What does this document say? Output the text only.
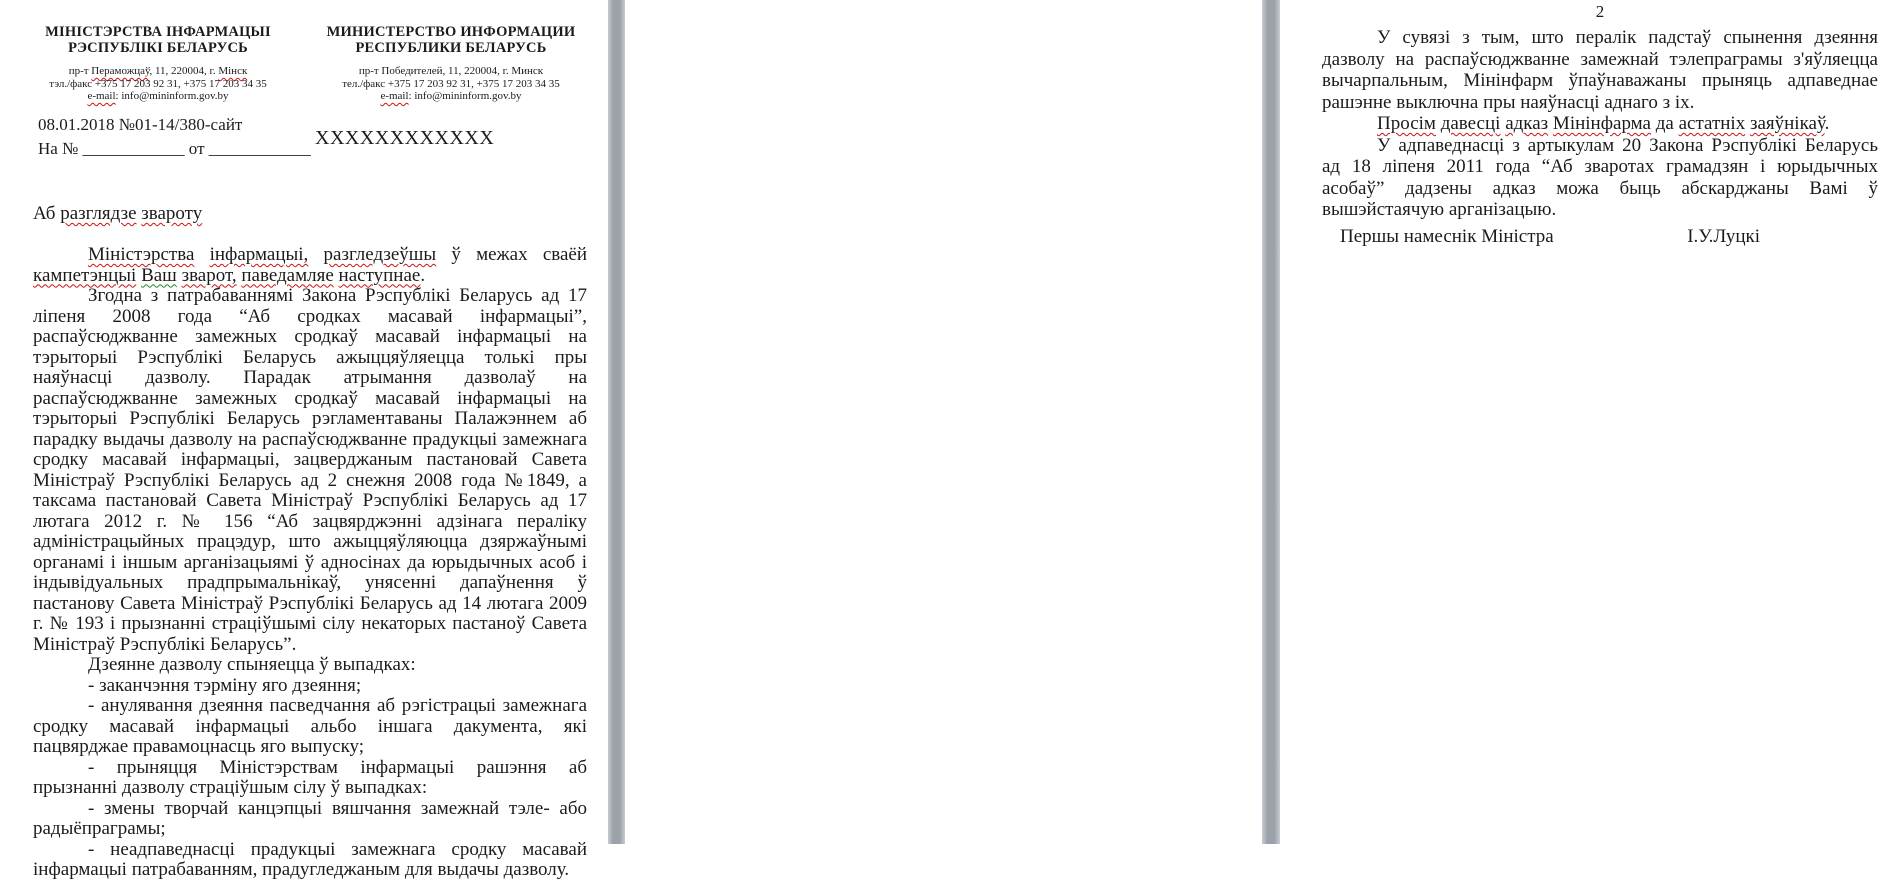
МІНІСТЭРСТВА ІНФАРМАЦЫІ
РЭСПУБЛІКІ БЕЛАРУСЬ
пр-т Пераможцаў, 11, 220004, г. Мінск
тэл./факс +375 17 203 92 31, +375 17 203 34 35
e-mail: info@mininform.gov.by
МИНИСТЕРСТВО ИНФОРМАЦИИ
РЕСПУБЛИКИ БЕЛАРУСЬ
пр-т Победителей, 11, 220004, г. Минск
тел./факс +375 17 203 92 31, +375 17 203 34 35
e-mail: info@mininform.gov.by
08.01.2018 №01-14/380-сайт
На № ____________ от ____________ ХХХХХХХХХХХХ
Аб разглядзе звароту

Міністэрства інфармацыі, разгледзеўшы ў межах сваёй кампетэнцыі Ваш зварот, паведамляе наступнае.

Згодна з патрабаваннямі Закона Рэспублікі Беларусь ад 17 ліпеня 2008 года “Аб сродках масавай інфармацыі”, распаўсюджванне замежных сродкаў масавай інфармацыі на тэрыторыі Рэспублікі Беларусь ажыццяўляецца толькі пры наяўнасці дазволу. Парадак атрымання дазволаў на распаўсюджванне замежных сродкаў масавай інфармацыі на тэрыторыі Рэспублікі Беларусь рэгламентаваны Палажэннем аб парадку выдачы дазволу на распаўсюджванне прадукцыі замежнага сродку масавай інфармацыі, зацверджаным пастановай Савета Міністраў Рэспублікі Беларусь ад 2 снежня 2008 года №1849, а таксама пастановай Савета Міністраў Рэспублікі Беларусь ад 17 лютага 2012 г. № 156 “Аб зацвярджэнні адзінага пераліку адміністрацыйных працэдур, што ажыццяўляюцца дзяржаўнымі органамі і іншым арганізацыямі ў адносінах да юрыдычных асоб і індывідуальных прадпрымальнікаў, унясенні дапаўнення ў пастанову Савета Міністраў Рэспублікі Беларусь ад 14 лютага 2009 г. № 193 і прызнанні страціўшымі сілу некаторых пастаноў Савета Міністраў Рэспублікі Беларусь”.

Дзеянне дазволу спыняецца ў выпадках:

- заканчэння тэрміну яго дзеяння;

- анулявання дзеяння пасведчання аб рэгістрацыі замежнага сродку масавай інфармацыі альбо іншага дакумента, які пацвярджае правамоцнасць яго выпуску;

- прыняцця Міністэрствам інфармацыі рашэння аб прызнанні дазволу страціўшым сілу ў выпадках:

- змены творчай канцэпцыі вяшчання замежнай тэле- або радыёпраграмы;

- неадпаведнасці прадукцыі замежнага сродку масавай інфармацыі патрабаванням, прадугледжаным для выдачы дазволу.

2

У сувязі з тым, што пералік падстаў спынення дзеяння дазволу на распаўсюджванне замежнай тэлепраграмы з'яўляецца вычарпальным, Мінінфарм ўпаўнаважаны прыняць адпаведнае рашэнне выключна пры наяўнасці аднаго з іх.

Просім давесці адказ Мінінфарма да астатніх заяўнікаў.

У адпаведнасці з артыкулам 20 Закона Рэспублікі Беларусь ад 18 ліпеня 2011 года “Аб зваротах грамадзян і юрыдычных асобаў” дадзены адказ можа быць абскарджаны Вамі ў вышэйстаячую арганізацыю.

Першы намеснік Міністра	І.У.Луцкі
